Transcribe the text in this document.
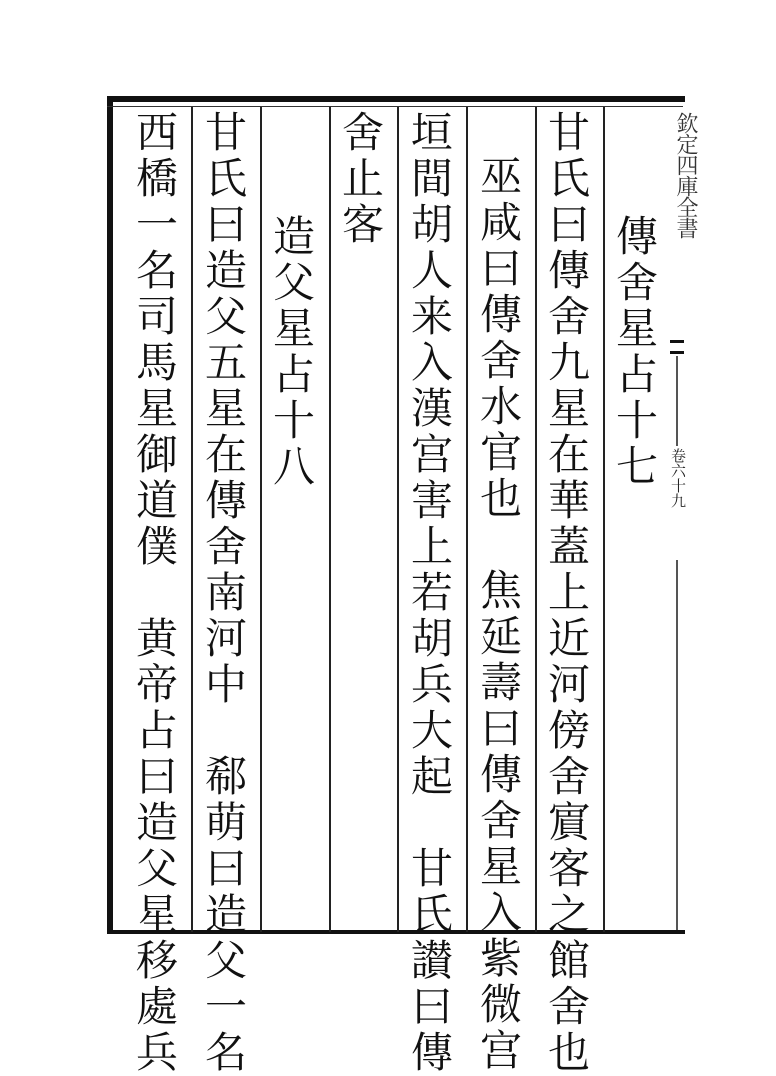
欽定四庫全書
卷六十九
傳舍星占十七
甘氏曰傳舍九星在華蓋上近河傍舍賔客之館舍也
巫咸曰傳舍水官也　焦延壽曰傳舍星入紫微宫
垣間胡人来入漢宫害上若胡兵大起　甘氏讃曰傳
舍止客
造父星占十八
甘氏曰造父五星在傳舍南河中　郗萌曰造父一名
西橋一名司馬星御道僕　黄帝占曰造父星移處兵
